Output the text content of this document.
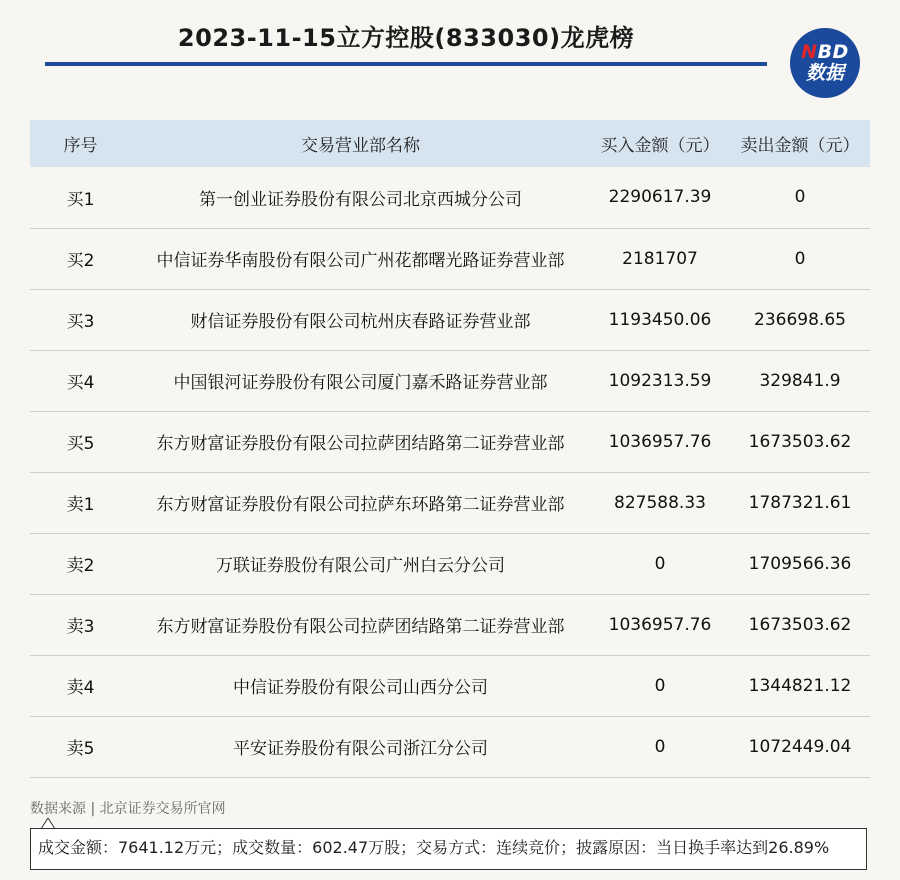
2023-11-15立方控股(833030)龙虎榜	NBD
数据
序号	交易营业部名称	买入金额（元）	卖出金额（元）
买1	第一创业证券股份有限公司北京西城分公司	2290617.39	0
买2	中信证券华南股份有限公司广州花都曙光路证券营业部	2181707	0
买3	财信证券股份有限公司杭州庆春路证券营业部	1193450.06	236698.65
买4	中国银河证券股份有限公司厦门嘉禾路证券营业部	1092313.59	329841.9
买5	东方财富证券股份有限公司拉萨团结路第二证券营业部	1036957.76	1673503.62
卖1	东方财富证券股份有限公司拉萨东环路第二证券营业部	827588.33	1787321.61
卖2	万联证券股份有限公司广州白云分公司	0	1709566.36
卖3	东方财富证券股份有限公司拉萨团结路第二证券营业部	1036957.76	1673503.62
卖4	中信证券股份有限公司山西分公司	0	1344821.12
卖5	平安证券股份有限公司浙江分公司	0	1072449.04
数据来源 | 北京证券交易所官网
成交金额：7641.12万元；成交数量：602.47万股；交易方式：连续竞价；披露原因：当日换手率达到26.89%
